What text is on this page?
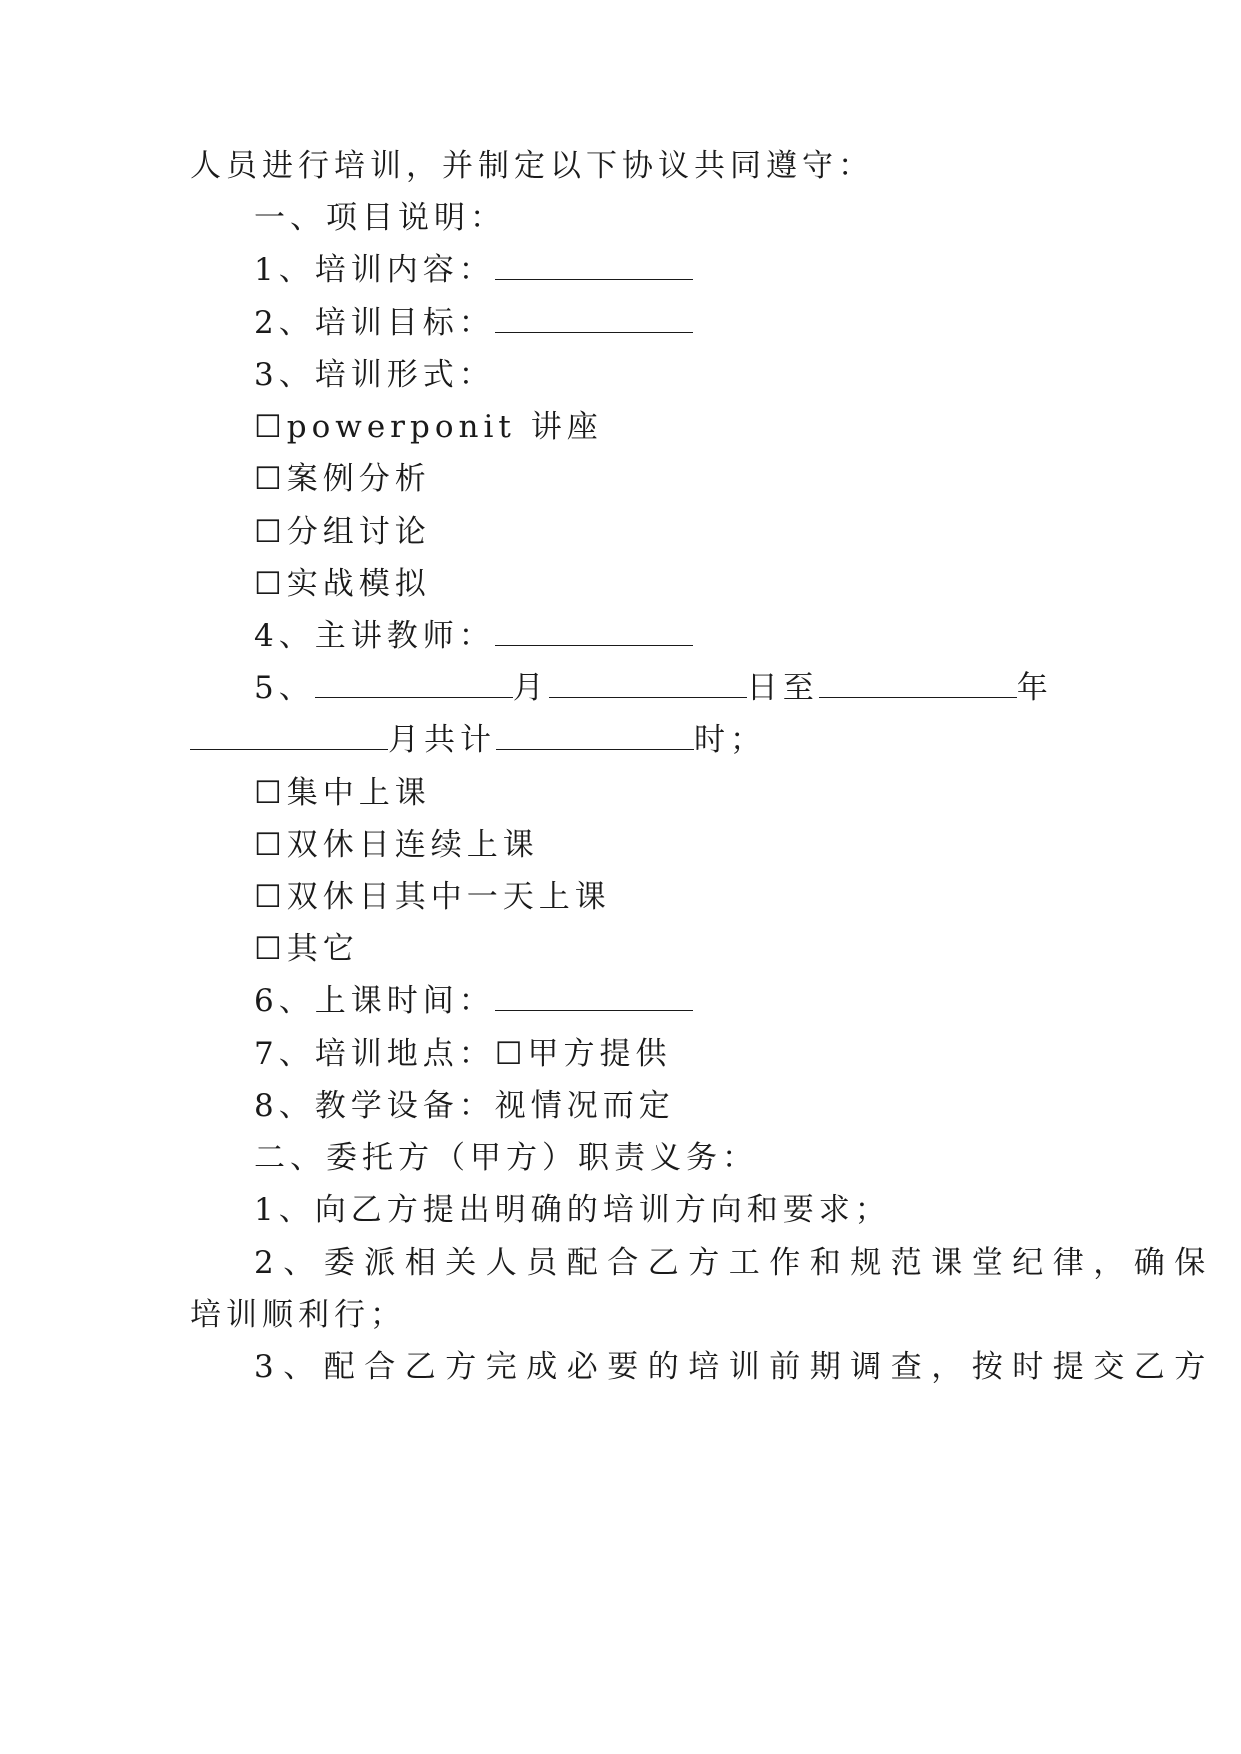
人员进行培训，并制定以下协议共同遵守：
一、项目说明：
1、培训内容：
2、培训目标：
3、培训形式：
☐powerponit 讲座
☐案例分析
☐分组讨论
☐实战模拟
4、主讲教师：
5、	月	日至	年
月共计	时；
☐集中上课
☐双休日连续上课
☐双休日其中一天上课
☐其它
6、上课时间：
7、培训地点：☐甲方提供
8、教学设备：视情况而定
二、委托方（甲方）职责义务：
1、向乙方提出明确的培训方向和要求；
2、委派相关人员配合乙方工作和规范课堂纪律，确保
培训顺利行；
3、配合乙方完成必要的培训前期调查，按时提交乙方
